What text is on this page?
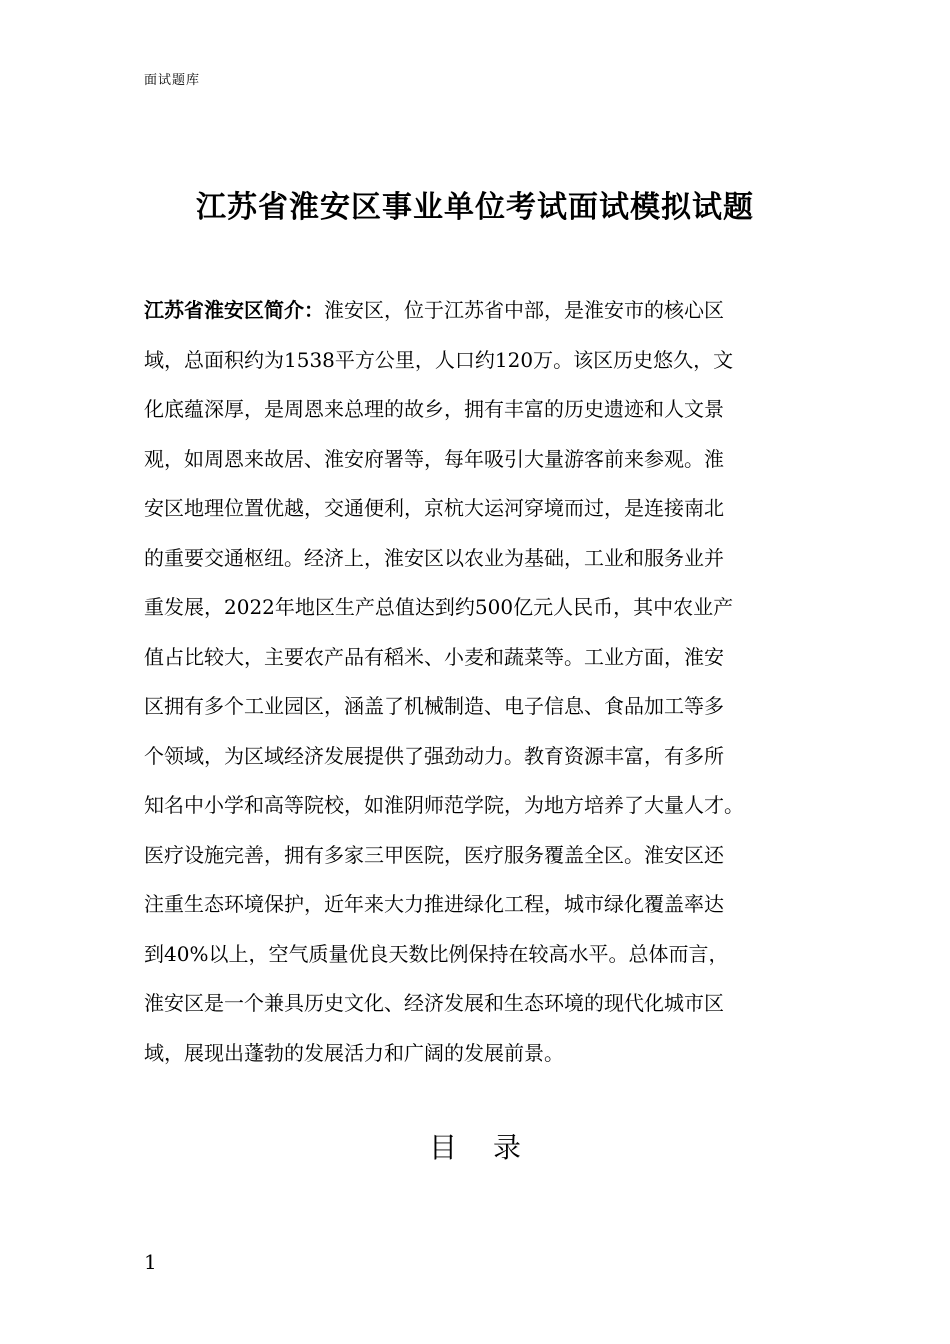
面试题库
江苏省淮安区事业单位考试面试模拟试题
江苏省淮安区简介：淮安区，位于江苏省中部，是淮安市的核心区
域，总面积约为1538平方公里，人口约120万。该区历史悠久，文
化底蕴深厚，是周恩来总理的故乡，拥有丰富的历史遗迹和人文景
观，如周恩来故居、淮安府署等，每年吸引大量游客前来参观。淮
安区地理位置优越，交通便利，京杭大运河穿境而过，是连接南北
的重要交通枢纽。经济上，淮安区以农业为基础，工业和服务业并
重发展，2022年地区生产总值达到约500亿元人民币，其中农业产
值占比较大，主要农产品有稻米、小麦和蔬菜等。工业方面，淮安
区拥有多个工业园区，涵盖了机械制造、电子信息、食品加工等多
个领域，为区域经济发展提供了强劲动力。教育资源丰富，有多所
知名中小学和高等院校，如淮阴师范学院，为地方培养了大量人才。
医疗设施完善，拥有多家三甲医院，医疗服务覆盖全区。淮安区还
注重生态环境保护，近年来大力推进绿化工程，城市绿化覆盖率达
到40%以上，空气质量优良天数比例保持在较高水平。总体而言，
淮安区是一个兼具历史文化、经济发展和生态环境的现代化城市区
域，展现出蓬勃的发展活力和广阔的发展前景。
目录
1
